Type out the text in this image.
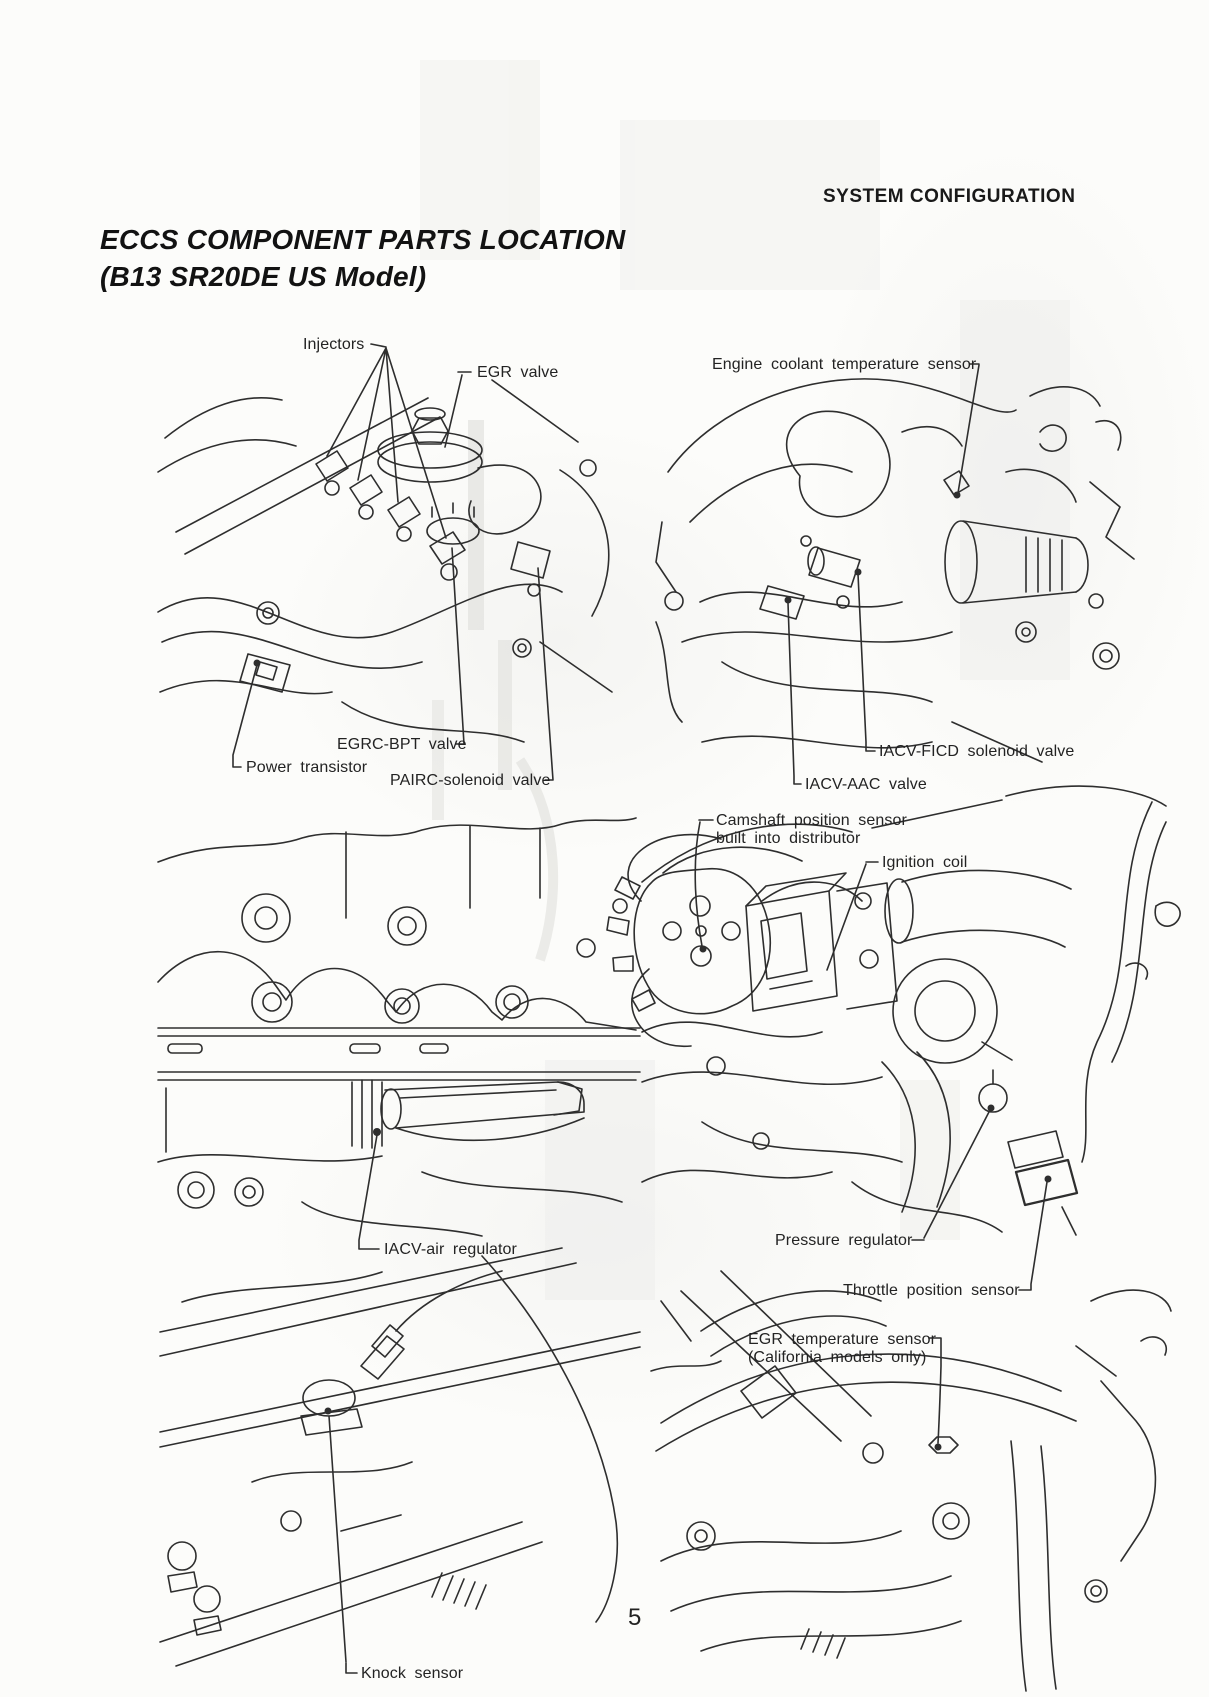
SYSTEM CONFIGURATION
ECCS COMPONENT PARTS LOCATION
(B13 SR20DE US Model)
Injectors
EGR valve	Engine coolant temperature sensor
EGRC-BPT valve
Power transistor
PAIRC-solenoid valve
IACV-FICD solenoid valve
IACV-AAC valve
Camshaft position sensor
built into distributor
Ignition coil
IACV-air regulator
Pressure regulator
Throttle position sensor
EGR temperature sensor
(California models only)
Knock sensor
5
